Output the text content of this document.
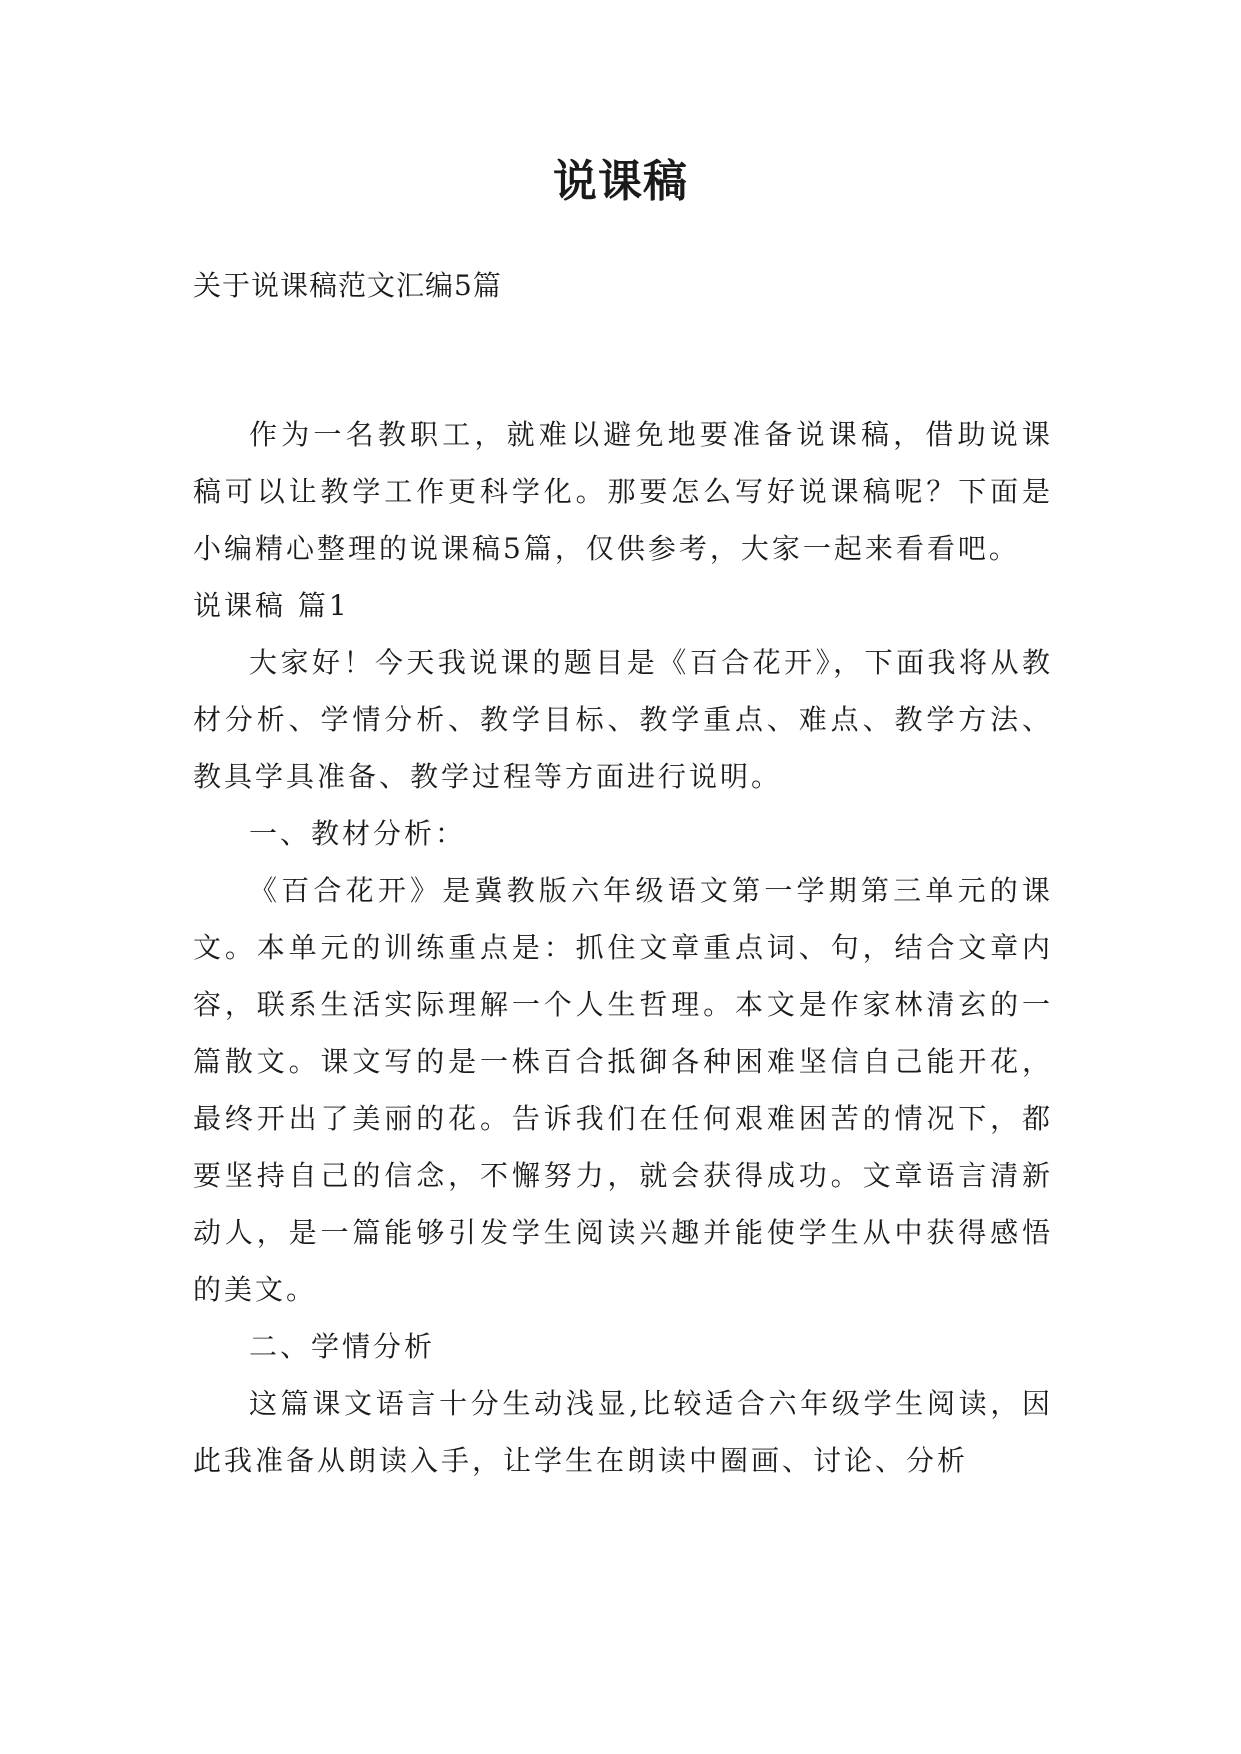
说课稿
关于说课稿范文汇编5篇

作为一名教职工，就难以避免地要准备说课稿，借助说课稿可以让教学工作更科学化。那要怎么写好说课稿呢？下面是小编精心整理的说课稿5篇，仅供参考，大家一起来看看吧。

说课稿 篇1

大家好！今天我说课的题目是《百合花开》，下面我将从教材分析、学情分析、教学目标、教学重点、难点、教学方法、教具学具准备、教学过程等方面进行说明。

一、教材分析：

《百合花开》是冀教版六年级语文第一学期第三单元的课文。本单元的训练重点是：抓住文章重点词、句，结合文章内容，联系生活实际理解一个人生哲理。本文是作家林清玄的一篇散文。课文写的是一株百合抵御各种困难坚信自己能开花，最终开出了美丽的花。告诉我们在任何艰难困苦的情况下，都要坚持自己的信念，不懈努力，就会获得成功。文章语言清新动人，是一篇能够引发学生阅读兴趣并能使学生从中获得感悟的美文。

二、学情分析

这篇课文语言十分生动浅显,比较适合六年级学生阅读，因此我准备从朗读入手，让学生在朗读中圈画、讨论、分析
